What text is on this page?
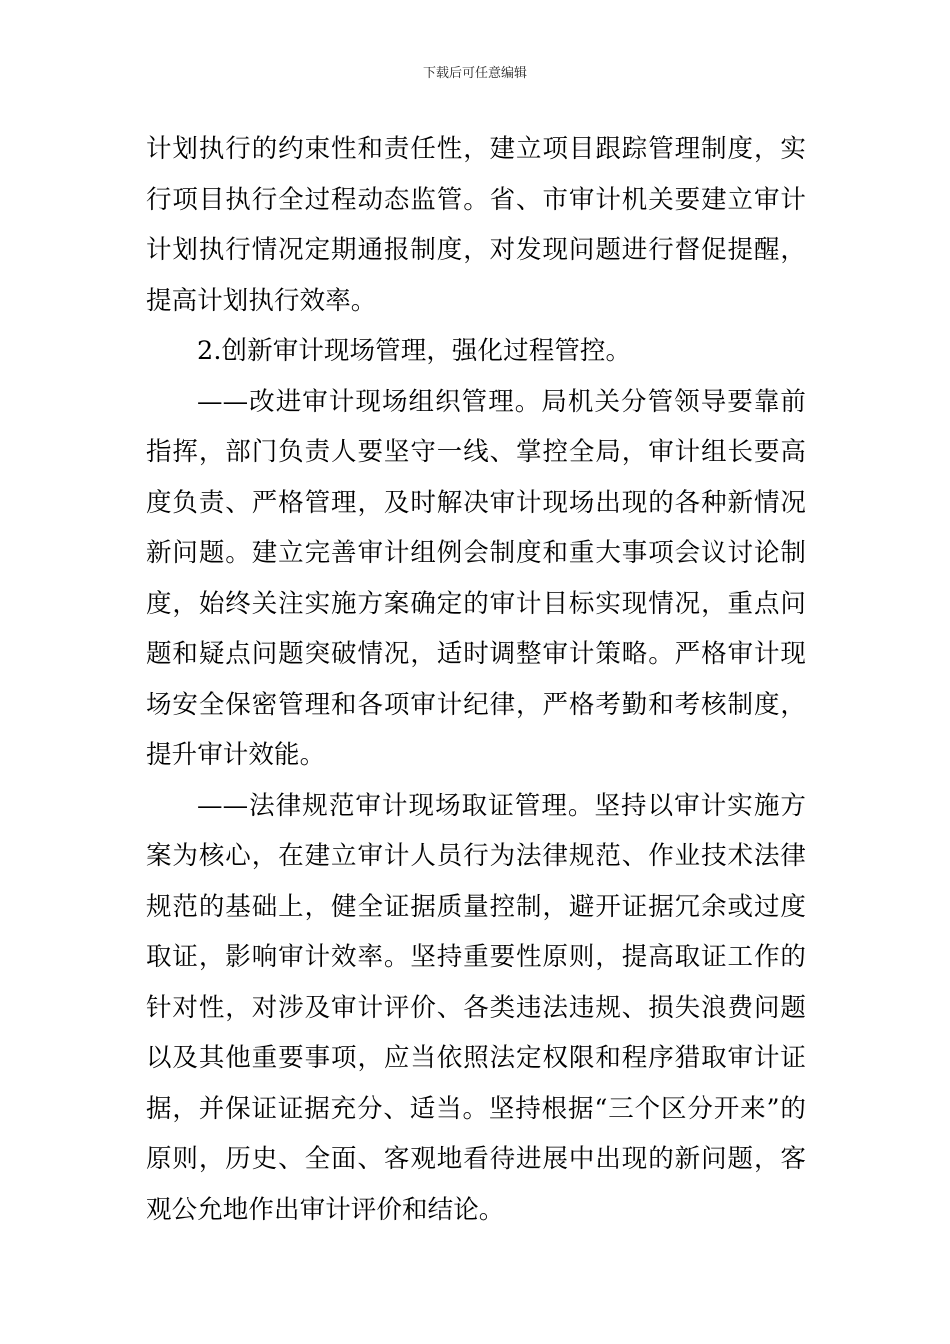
下载后可任意编辑

计划执行的约束性和责任性，建立项目跟踪管理制度，实行项目执行全过程动态监管。省、市审计机关要建立审计计划执行情况定期通报制度，对发现问题进行督促提醒，提高计划执行效率。

2.创新审计现场管理，强化过程管控。

——改进审计现场组织管理。局机关分管领导要靠前指挥，部门负责人要坚守一线、掌控全局，审计组长要高度负责、严格管理，及时解决审计现场出现的各种新情况新问题。建立完善审计组例会制度和重大事项会议讨论制度，始终关注实施方案确定的审计目标实现情况，重点问题和疑点问题突破情况，适时调整审计策略。严格审计现场安全保密管理和各项审计纪律，严格考勤和考核制度，提升审计效能。

——法律规范审计现场取证管理。坚持以审计实施方案为核心，在建立审计人员行为法律规范、作业技术法律规范的基础上，健全证据质量控制，避开证据冗余或过度取证，影响审计效率。坚持重要性原则，提高取证工作的针对性，对涉及审计评价、各类违法违规、损失浪费问题以及其他重要事项，应当依照法定权限和程序猎取审计证据，并保证证据充分、适当。坚持根据“三个区分开来”的原则，历史、全面、客观地看待进展中出现的新问题，客观公允地作出审计评价和结论。
